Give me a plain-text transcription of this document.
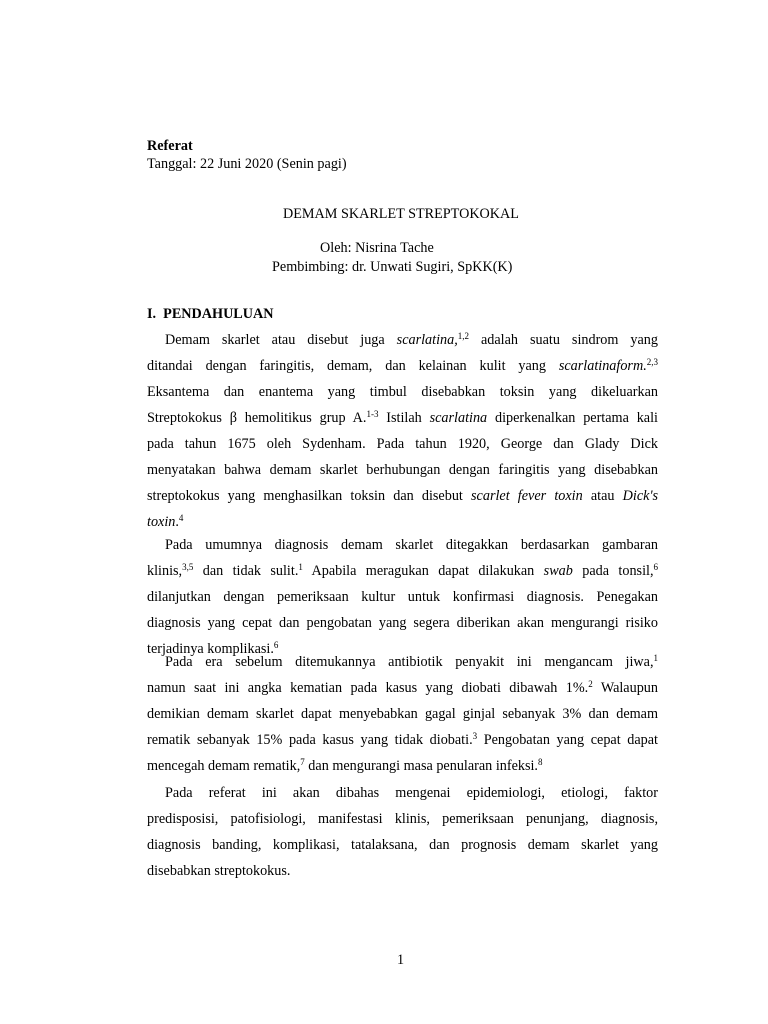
Referat
Tanggal: 22 Juni 2020 (Senin pagi)
DEMAM SKARLET STREPTOKOKAL
Oleh: Nisrina Tache
Pembimbing: dr. Unwati Sugiri, SpKK(K)
I.  PENDAHULUAN
Demam skarlet atau disebut juga scarlatina,$^{1,2}$ adalah suatu sindrom yang
ditandai dengan faringitis, demam, dan kelainan kulit yang scarlatinaform.$^{2,3}$
Eksantema dan enantema yang timbul disebabkan toksin yang dikeluarkan
Streptokokus β hemolitikus grup A.$^{1-3}$ Istilah scarlatina diperkenalkan pertama kali
pada tahun 1675 oleh Sydenham. Pada tahun 1920, George dan Glady Dick
menyatakan bahwa demam skarlet berhubungan dengan faringitis yang disebabkan
streptokokus yang menghasilkan toksin dan disebut scarlet fever toxin atau Dick's
toxin.$^4$
Pada umumnya diagnosis demam skarlet ditegakkan berdasarkan gambaran
klinis,$^{3,5}$ dan tidak sulit.$^1$ Apabila meragukan dapat dilakukan swab pada tonsil,$^6$
dilanjutkan dengan pemeriksaan kultur untuk konfirmasi diagnosis. Penegakan
diagnosis yang cepat dan pengobatan yang segera diberikan akan mengurangi risiko
terjadinya komplikasi.$^6$
Pada era sebelum ditemukannya antibiotik penyakit ini mengancam jiwa,$^1$
namun saat ini angka kematian pada kasus yang diobati dibawah 1%.$^2$ Walaupun
demikian demam skarlet dapat menyebabkan gagal ginjal sebanyak 3% dan demam
rematik sebanyak 15% pada kasus yang tidak diobati.$^3$ Pengobatan yang cepat dapat
mencegah demam rematik,$^7$ dan mengurangi masa penularan infeksi.$^8$
Pada referat ini akan dibahas mengenai epidemiologi, etiologi, faktor
predisposisi, patofisiologi, manifestasi klinis, pemeriksaan penunjang, diagnosis,
diagnosis banding, komplikasi, tatalaksana, dan prognosis demam skarlet yang
disebabkan streptokokus.
1
